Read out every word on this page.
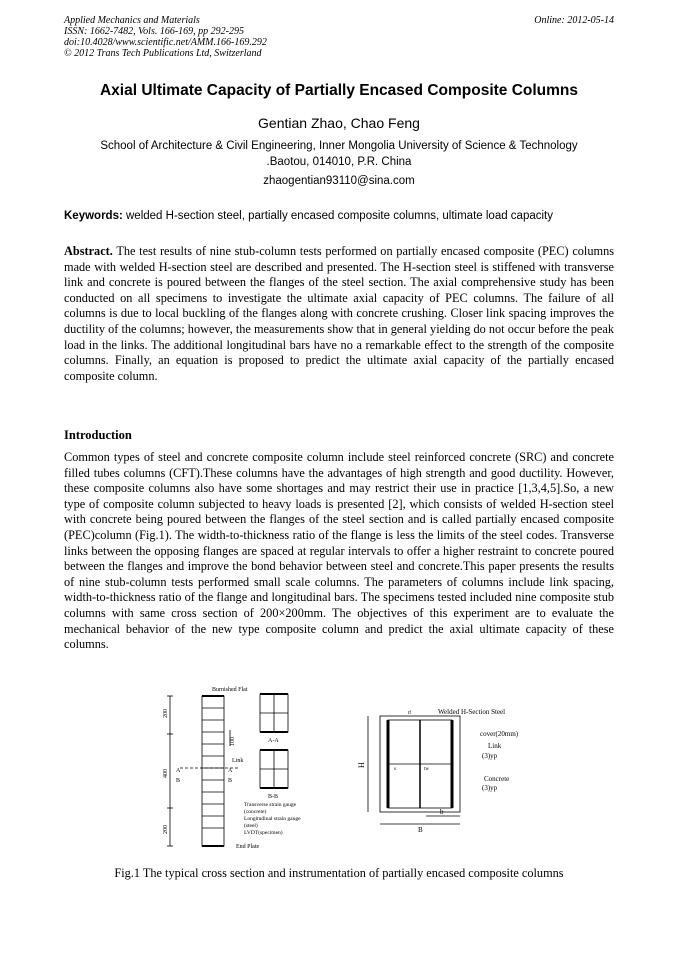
Applied Mechanics and Materials
ISSN: 1662-7482, Vols. 166-169, pp 292-295
doi:10.4028/www.scientific.net/AMM.166-169.292
© 2012 Trans Tech Publications Ltd, Switzerland
Online: 2012-05-14
Axial Ultimate Capacity of Partially Encased Composite Columns
Gentian Zhao, Chao Feng
School of Architecture & Civil Engineering, Inner Mongolia University of Science & Technology
.Baotou, 014010, P.R. China
zhaogentian93110@sina.com
Keywords: welded H-section steel, partially encased composite columns, ultimate load capacity
Abstract. The test results of nine stub-column tests performed on partially encased composite (PEC) columns made with welded H-section steel are described and presented. The H-section steel is stiffened with transverse link and concrete is poured between the flanges of the steel section. The axial comprehensive study has been conducted on all specimens to investigate the ultimate axial capacity of PEC columns. The failure of all columns is due to local buckling of the flanges along with concrete crushing. Closer link spacing improves the ductility of the columns; however, the measurements show that in general yielding do not occur before the peak load in the links. The additional longitudinal bars have no a remarkable effect to the strength of the composite columns. Finally, an equation is proposed to predict the ultimate axial capacity of the partially encased composite column.
Introduction
Common types of steel and concrete composite column include steel reinforced concrete (SRC) and concrete filled tubes columns (CFT).These columns have the advantages of high strength and good ductility. However, these composite columns also have some shortages and may restrict their use in practice [1,3,4,5].So, a new type of composite column subjected to heavy loads is presented [2], which consists of welded H-section steel with concrete being poured between the flanges of the steel section and is called partially encased composite (PEC)column (Fig.1). The width-to-thickness ratio of the flange is less the limits of the steel codes. Transverse links between the opposing flanges are spaced at regular intervals to offer a higher restraint to concrete poured between the flanges and improve the bond behavior between steel and concrete.This paper presents the results of nine stub-column tests performed small scale columns. The parameters of columns include link spacing, width-to-thickness ratio of the flange and longitudinal bars. The specimens tested included nine composite stub columns with same cross section of 200×200mm. The objectives of this experiment are to evaluate the mechanical behavior of the new type composite column and predict the axial ultimate capacity of these columns.
Burnished Flat
200
400
200
100
Link
A	A
B	B
End Plate
A-A
B-B
Transverse strain gauge
(concrete)
Longitudinal strain gauge
(steel)
LVDT(specimen)
Welded H-Section Steel
cover(20mm)
Link
(3)yp
Concrete
(3)yp
H
b
B
tf
tw
s
Fig.1 The typical cross section and instrumentation of partially encased composite columns
